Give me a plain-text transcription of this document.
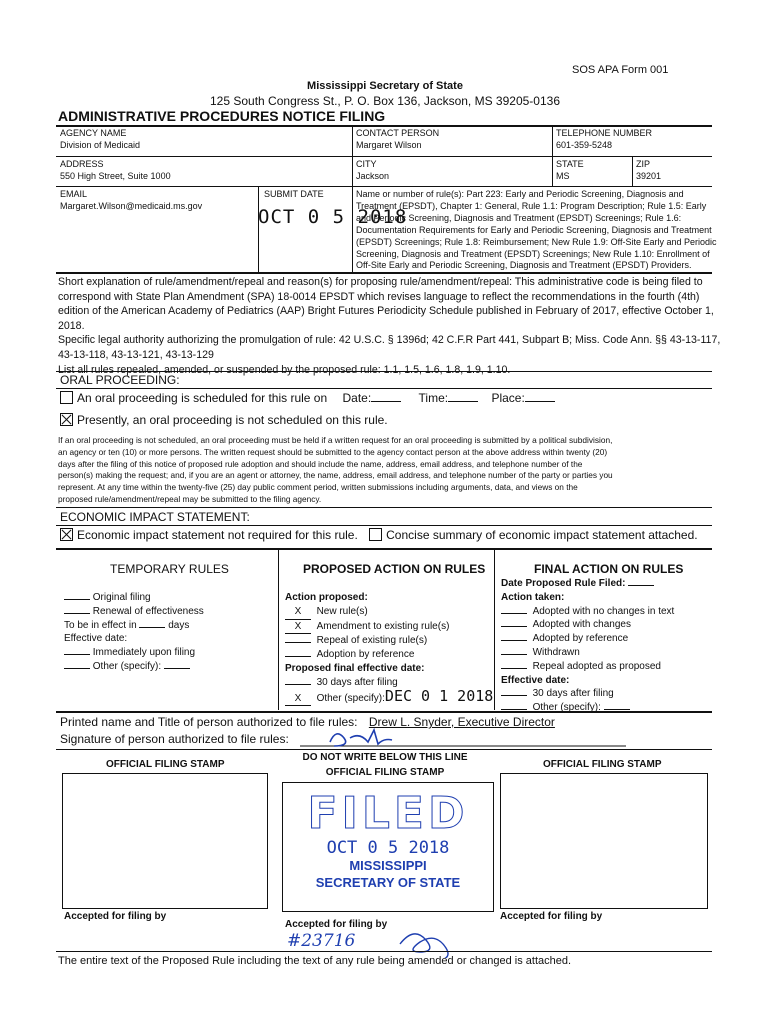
SOS APA Form 001
Mississippi Secretary of State
125 South Congress St., P. O. Box 136, Jackson, MS 39205-0136
ADMINISTRATIVE PROCEDURES NOTICE FILING
AGENCY NAME
Division of Medicaid
CONTACT PERSON
Margaret Wilson
TELEPHONE NUMBER
601-359-5248
ADDRESS
550 High Street, Suite 1000
CITY
Jackson
STATE
MS
ZIP
39201
EMAIL
Margaret.Wilson@medicaid.ms.gov
SUBMIT DATE
OCT 0 5 2018
Name or number of rule(s): Part 223: Early and Periodic Screening, Diagnosis and
Treatment (EPSDT), Chapter 1: General, Rule 1.1: Program Description; Rule 1.5: Early
and Periodic Screening, Diagnosis and Treatment (EPSDT) Screenings; Rule 1.6:
Documentation Requirements for Early and Periodic Screening, Diagnosis and Treatment
(EPSDT) Screenings; Rule 1.8: Reimbursement; New Rule 1.9: Off-Site Early and Periodic
Screening, Diagnosis and Treatment (EPSDT) Screenings; New Rule 1.10: Enrollment of
Off-Site Early and Periodic Screening, Diagnosis and Treatment (EPSDT) Providers.
Short explanation of rule/amendment/repeal and reason(s) for proposing rule/amendment/repeal: This administrative code is being filed to
correspond with State Plan Amendment (SPA) 18-0014 EPSDT which revises language to reflect the recommendations in the fourth (4th)
edition of the American Academy of Pediatrics (AAP) Bright Futures Periodicity Schedule published in February of 2017, effective October 1,
2018.
Specific legal authority authorizing the promulgation of rule: 42 U.S.C. § 1396d; 42 C.F.R Part 441, Subpart B; Miss. Code Ann. §§ 43-13-117,
43-13-118, 43-13-121, 43-13-129
List all rules repealed, amended, or suspended by the proposed rule: 1.1, 1.5, 1.6, 1.8, 1.9, 1.10.
ORAL PROCEEDING:
An oral proceeding is scheduled for this rule on Date:	Time:	Place:
Presently, an oral proceeding is not scheduled on this rule.
If an oral proceeding is not scheduled, an oral proceeding must be held if a written request for an oral proceeding is submitted by a political subdivision,
an agency or ten (10) or more persons. The written request should be submitted to the agency contact person at the above address within twenty (20)
days after the filing of this notice of proposed rule adoption and should include the name, address, email address, and telephone number of the
person(s) making the request; and, if you are an agent or attorney, the name, address, email address, and telephone number of the party or parties you
represent. At any time within the twenty-five (25) day public comment period, written submissions including arguments, data, and views on the
proposed rule/amendment/repeal may be submitted to the filing agency.
ECONOMIC IMPACT STATEMENT:
Economic impact statement not required for this rule. Concise summary of economic impact statement attached.
TEMPORARY RULES
Original filing
Renewal of effectiveness
To be in effect in	days
Effective date:
Immediately upon filing
Other (specify):
PROPOSED ACTION ON RULES
Action proposed:
X New rule(s)
X Amendment to existing rule(s)
Repeal of existing rule(s)
Adoption by reference
Proposed final effective date:
30 days after filing
X Other (specify):DEC 0 1 2018
FINAL ACTION ON RULES
Date Proposed Rule Filed:
Action taken:
Adopted with no changes in text
Adopted with changes
Adopted by reference
Withdrawn
Repeal adopted as proposed
Effective date:
30 days after filing
Other (specify):
Printed name and Title of person authorized to file rules: Drew L. Snyder, Executive Director
Signature of person authorized to file rules:
OFFICIAL FILING STAMP
DO NOT WRITE BELOW THIS LINE
OFFICIAL FILING STAMP
OFFICIAL FILING STAMP
FILED
OCT 0 5 2018
MISSISSIPPI
SECRETARY OF STATE
Accepted for filing by
Accepted for filing by
Accepted for filing by
#23716
The entire text of the Proposed Rule including the text of any rule being amended or changed is attached.
